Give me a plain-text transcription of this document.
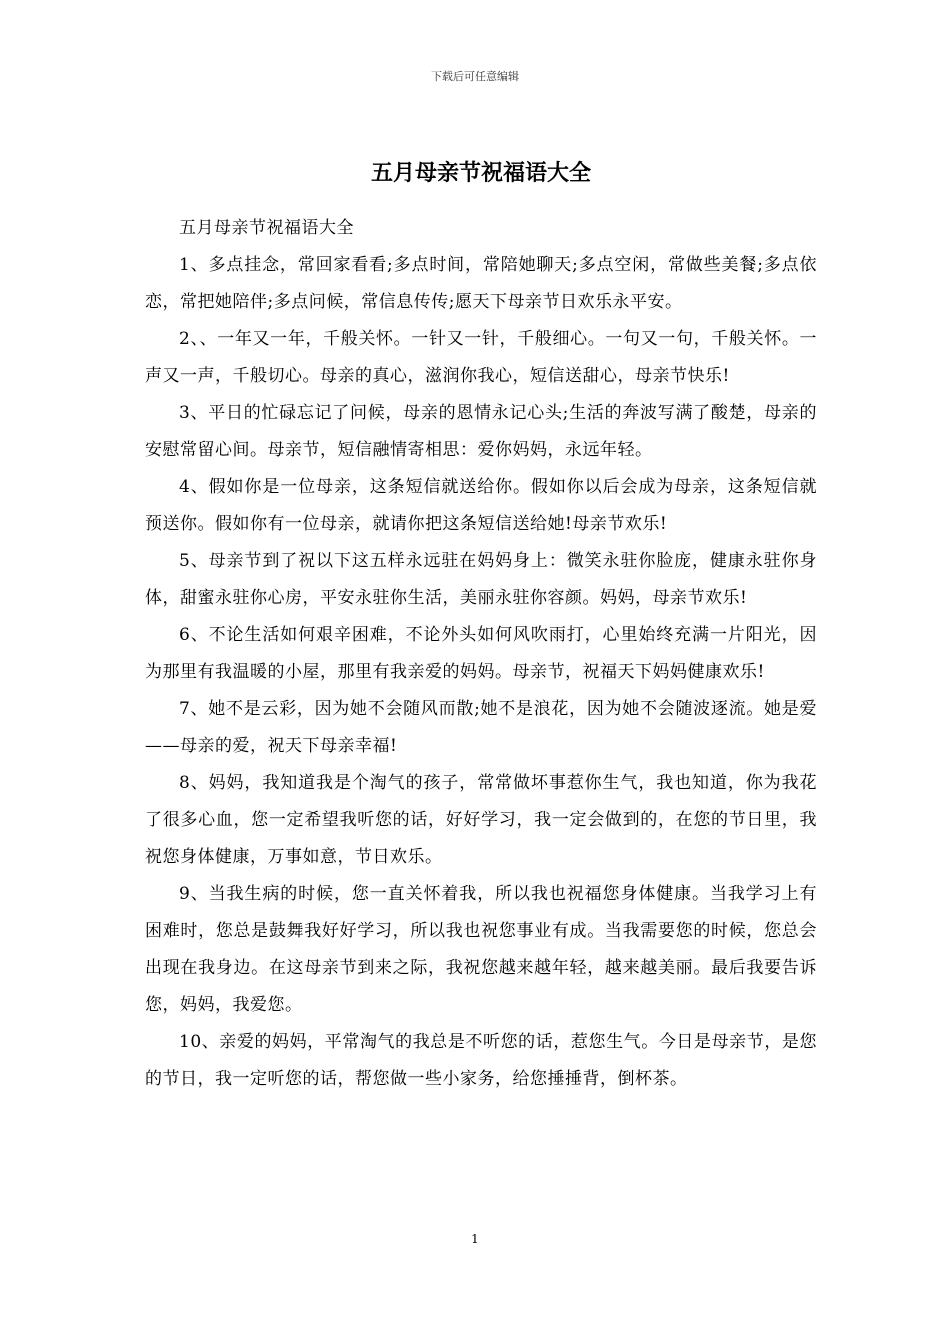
下载后可任意编辑
五月母亲节祝福语大全

五月母亲节祝福语大全

1、多点挂念，常回家看看;多点时间，常陪她聊天;多点空闲，常做些美餐;多点依恋，常把她陪伴;多点问候，常信息传传;愿天下母亲节日欢乐永平安。

2、、一年又一年，千般关怀。一针又一针，千般细心。一句又一句，千般关怀。一声又一声，千般切心。母亲的真心，滋润你我心，短信送甜心，母亲节快乐!

3、平日的忙碌忘记了问候，母亲的恩情永记心头;生活的奔波写满了酸楚，母亲的安慰常留心间。母亲节，短信融情寄相思：爱你妈妈，永远年轻。

4、假如你是一位母亲，这条短信就送给你。假如你以后会成为母亲，这条短信就预送你。假如你有一位母亲，就请你把这条短信送给她!母亲节欢乐!

5、母亲节到了祝以下这五样永远驻在妈妈身上：微笑永驻你脸庞，健康永驻你身体，甜蜜永驻你心房，平安永驻你生活，美丽永驻你容颜。妈妈，母亲节欢乐!

6、不论生活如何艰辛困难，不论外头如何风吹雨打，心里始终充满一片阳光，因为那里有我温暖的小屋，那里有我亲爱的妈妈。母亲节，祝福天下妈妈健康欢乐!

7、她不是云彩，因为她不会随风而散;她不是浪花，因为她不会随波逐流。她是爱——母亲的爱，祝天下母亲幸福!

8、妈妈，我知道我是个淘气的孩子，常常做坏事惹你生气，我也知道，你为我花了很多心血，您一定希望我听您的话，好好学习，我一定会做到的，在您的节日里，我祝您身体健康，万事如意，节日欢乐。

9、当我生病的时候，您一直关怀着我，所以我也祝福您身体健康。当我学习上有困难时，您总是鼓舞我好好学习，所以我也祝您事业有成。当我需要您的时候，您总会出现在我身边。在这母亲节到来之际，我祝您越来越年轻，越来越美丽。最后我要告诉您，妈妈，我爱您。

10、亲爱的妈妈，平常淘气的我总是不听您的话，惹您生气。今日是母亲节，是您的节日，我一定听您的话，帮您做一些小家务，给您捶捶背，倒杯茶。

1
